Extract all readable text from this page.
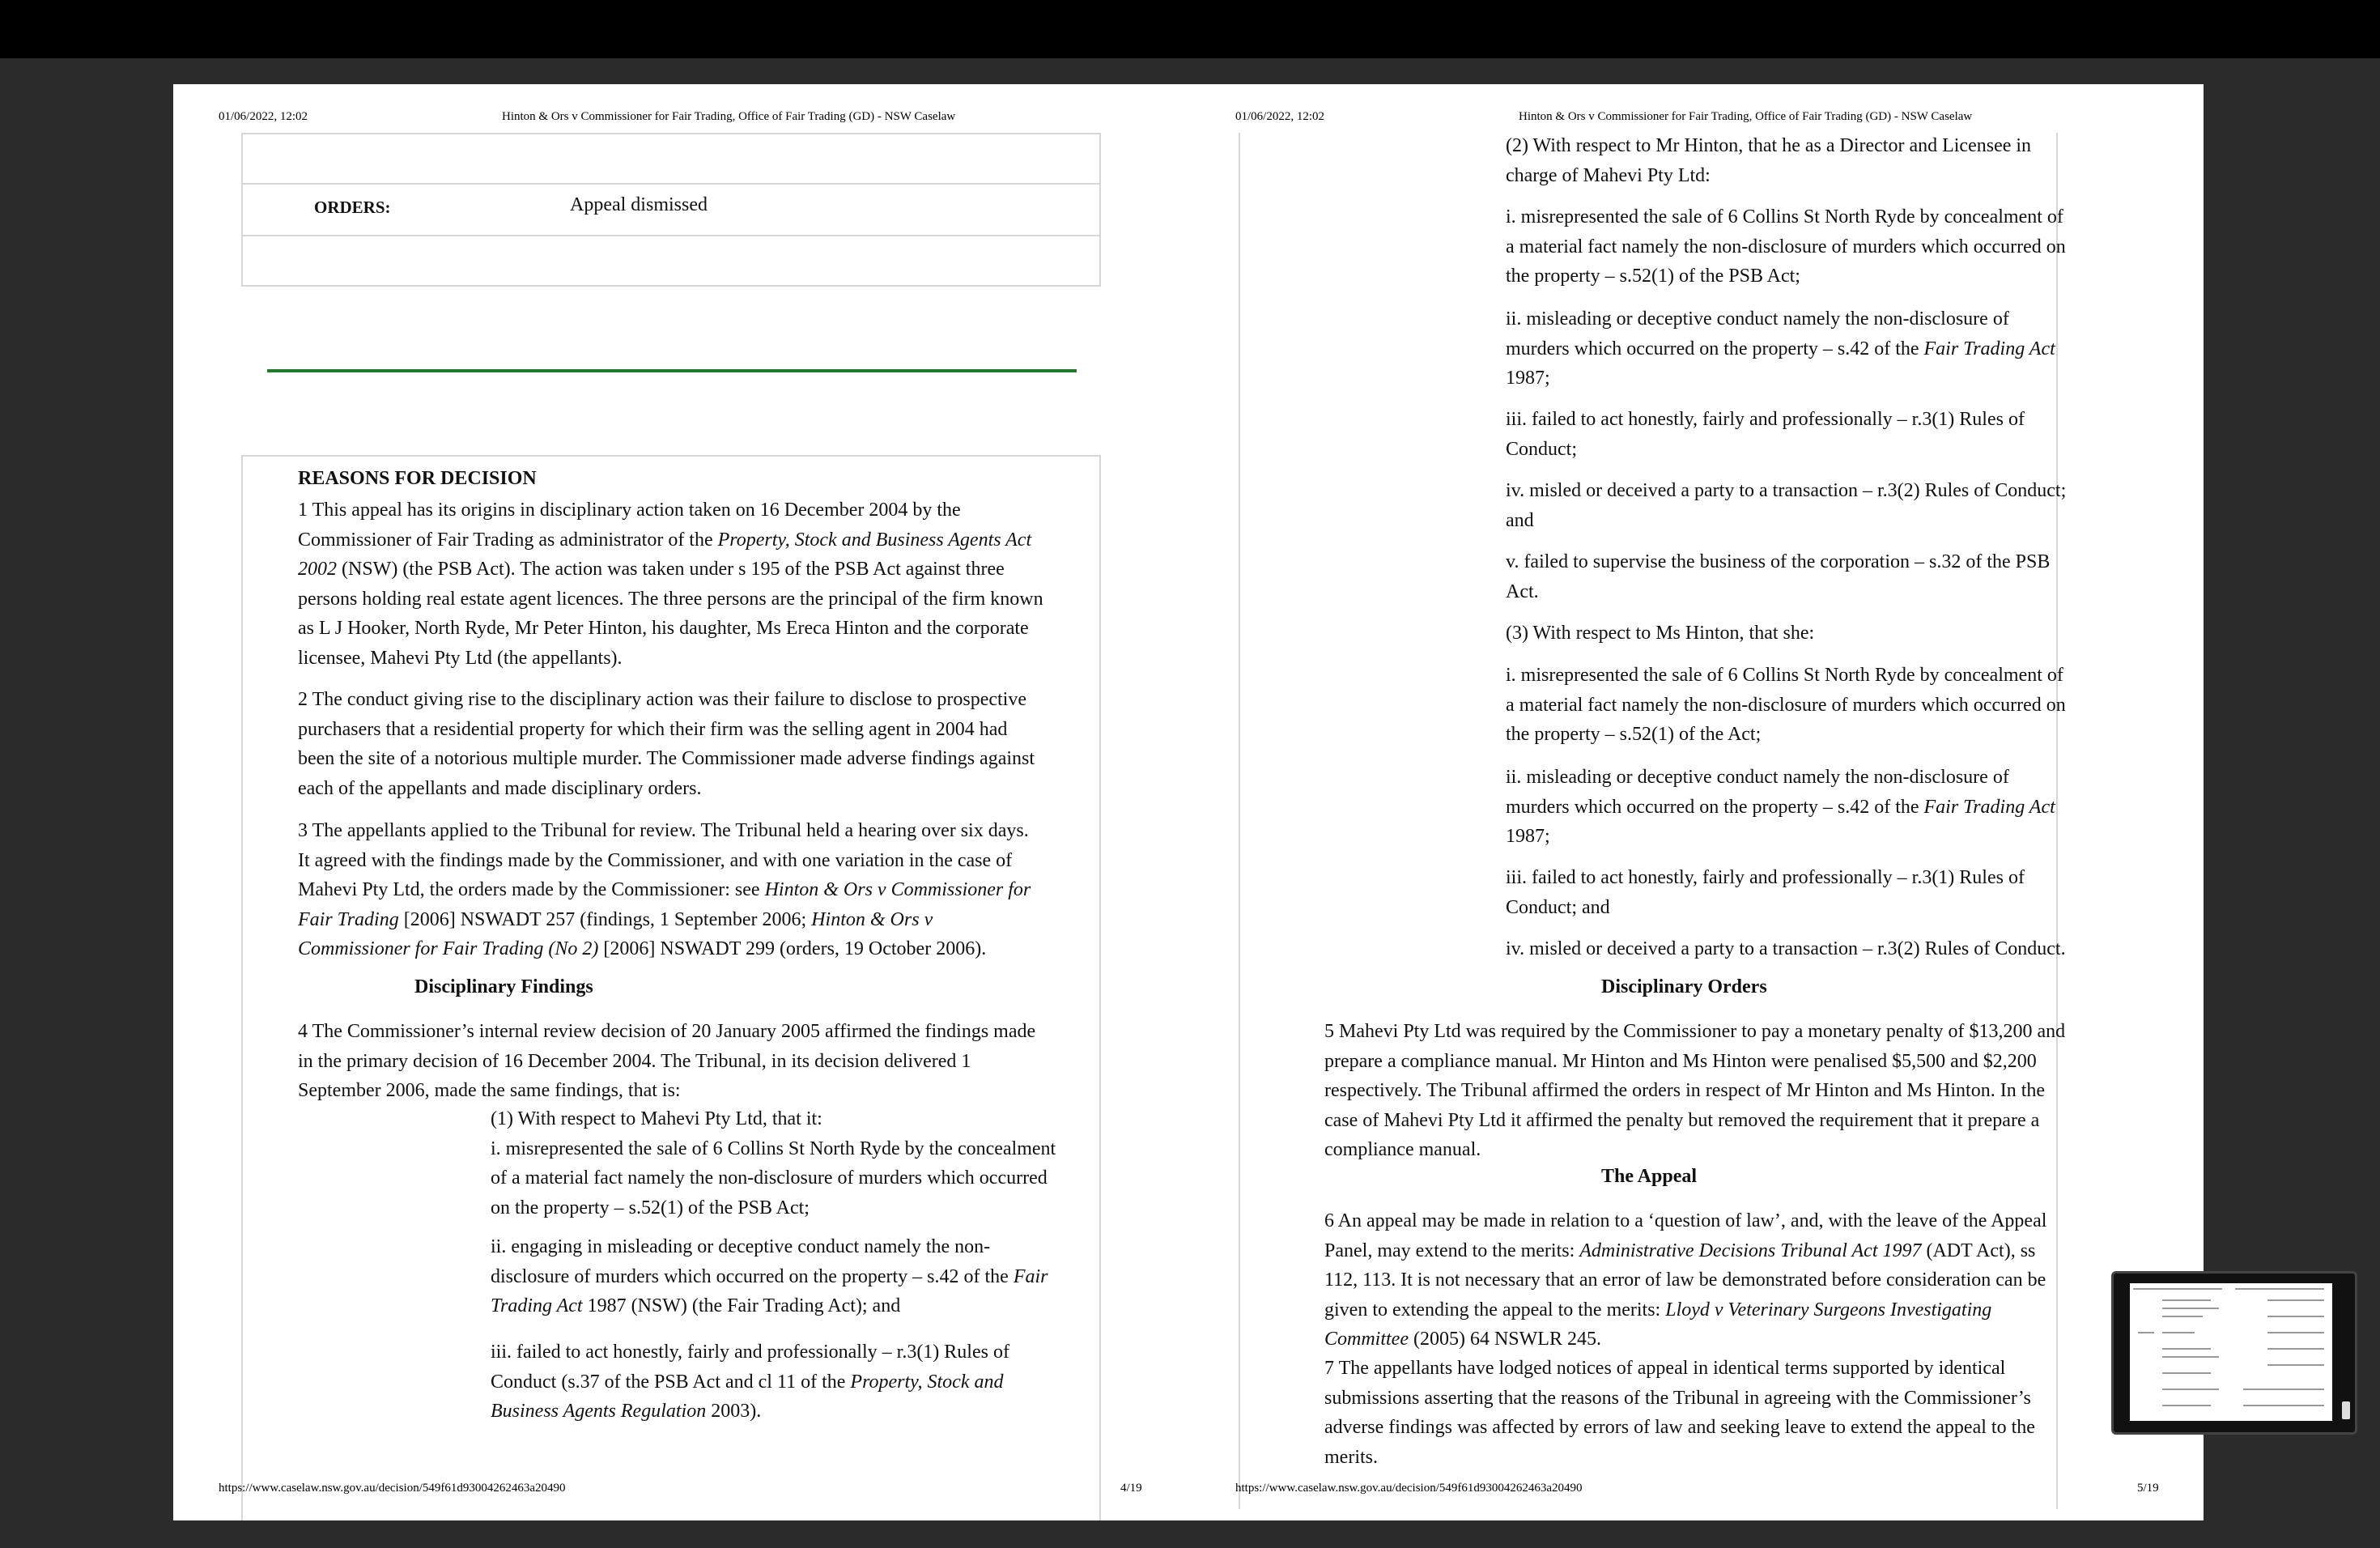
01/06/2022, 12:02	Hinton & Ors v Commissioner for Fair Trading, Office of Fair Trading (GD) - NSW Caselaw
ORDERS:	Appeal dismissed
REASONS FOR DECISION
1 This appeal has its origins in disciplinary action taken on 16 December 2004 by the
Commissioner of Fair Trading as administrator of the Property, Stock and Business Agents Act
2002 (NSW) (the PSB Act). The action was taken under s 195 of the PSB Act against three
persons holding real estate agent licences. The three persons are the principal of the firm known
as L J Hooker, North Ryde, Mr Peter Hinton, his daughter, Ms Ereca Hinton and the corporate
licensee, Mahevi Pty Ltd (the appellants).
2 The conduct giving rise to the disciplinary action was their failure to disclose to prospective
purchasers that a residential property for which their firm was the selling agent in 2004 had
been the site of a notorious multiple murder. The Commissioner made adverse findings against
each of the appellants and made disciplinary orders.
3 The appellants applied to the Tribunal for review. The Tribunal held a hearing over six days.
It agreed with the findings made by the Commissioner, and with one variation in the case of
Mahevi Pty Ltd, the orders made by the Commissioner: see Hinton & Ors v Commissioner for
Fair Trading [2006] NSWADT 257 (findings, 1 September 2006; Hinton & Ors v
Commissioner for Fair Trading (No 2) [2006] NSWADT 299 (orders, 19 October 2006).
Disciplinary Findings
4 The Commissioner’s internal review decision of 20 January 2005 affirmed the findings made
in the primary decision of 16 December 2004. The Tribunal, in its decision delivered 1
September 2006, made the same findings, that is:
(1) With respect to Mahevi Pty Ltd, that it:
i. misrepresented the sale of 6 Collins St North Ryde by the concealment
of a material fact namely the non-disclosure of murders which occurred
on the property – s.52(1) of the PSB Act;
ii. engaging in misleading or deceptive conduct namely the non-
disclosure of murders which occurred on the property – s.42 of the Fair
Trading Act 1987 (NSW) (the Fair Trading Act); and
iii. failed to act honestly, fairly and professionally – r.3(1) Rules of
Conduct (s.37 of the PSB Act and cl 11 of the Property, Stock and
Business Agents Regulation 2003).
https://www.caselaw.nsw.gov.au/decision/549f61d93004262463a20490	4/19
01/06/2022, 12:02	Hinton & Ors v Commissioner for Fair Trading, Office of Fair Trading (GD) - NSW Caselaw
(2) With respect to Mr Hinton, that he as a Director and Licensee in
charge of Mahevi Pty Ltd:
i. misrepresented the sale of 6 Collins St North Ryde by concealment of
a material fact namely the non-disclosure of murders which occurred on
the property – s.52(1) of the PSB Act;
ii. misleading or deceptive conduct namely the non-disclosure of
murders which occurred on the property – s.42 of the Fair Trading Act
1987;
iii. failed to act honestly, fairly and professionally – r.3(1) Rules of
Conduct;
iv. misled or deceived a party to a transaction – r.3(2) Rules of Conduct;
and
v. failed to supervise the business of the corporation – s.32 of the PSB
Act.
(3) With respect to Ms Hinton, that she:
i. misrepresented the sale of 6 Collins St North Ryde by concealment of
a material fact namely the non-disclosure of murders which occurred on
the property – s.52(1) of the Act;
ii. misleading or deceptive conduct namely the non-disclosure of
murders which occurred on the property – s.42 of the Fair Trading Act
1987;
iii. failed to act honestly, fairly and professionally – r.3(1) Rules of
Conduct; and
iv. misled or deceived a party to a transaction – r.3(2) Rules of Conduct.
Disciplinary Orders
5 Mahevi Pty Ltd was required by the Commissioner to pay a monetary penalty of $13,200 and
prepare a compliance manual. Mr Hinton and Ms Hinton were penalised $5,500 and $2,200
respectively. The Tribunal affirmed the orders in respect of Mr Hinton and Ms Hinton. In the
case of Mahevi Pty Ltd it affirmed the penalty but removed the requirement that it prepare a
compliance manual.
The Appeal
6 An appeal may be made in relation to a ‘question of law’, and, with the leave of the Appeal
Panel, may extend to the merits: Administrative Decisions Tribunal Act 1997 (ADT Act), ss
112, 113. It is not necessary that an error of law be demonstrated before consideration can be
given to extending the appeal to the merits: Lloyd v Veterinary Surgeons Investigating
Committee (2005) 64 NSWLR 245.
7 The appellants have lodged notices of appeal in identical terms supported by identical
submissions asserting that the reasons of the Tribunal in agreeing with the Commissioner’s
adverse findings was affected by errors of law and seeking leave to extend the appeal to the
merits.
https://www.caselaw.nsw.gov.au/decision/549f61d93004262463a20490	5/19
